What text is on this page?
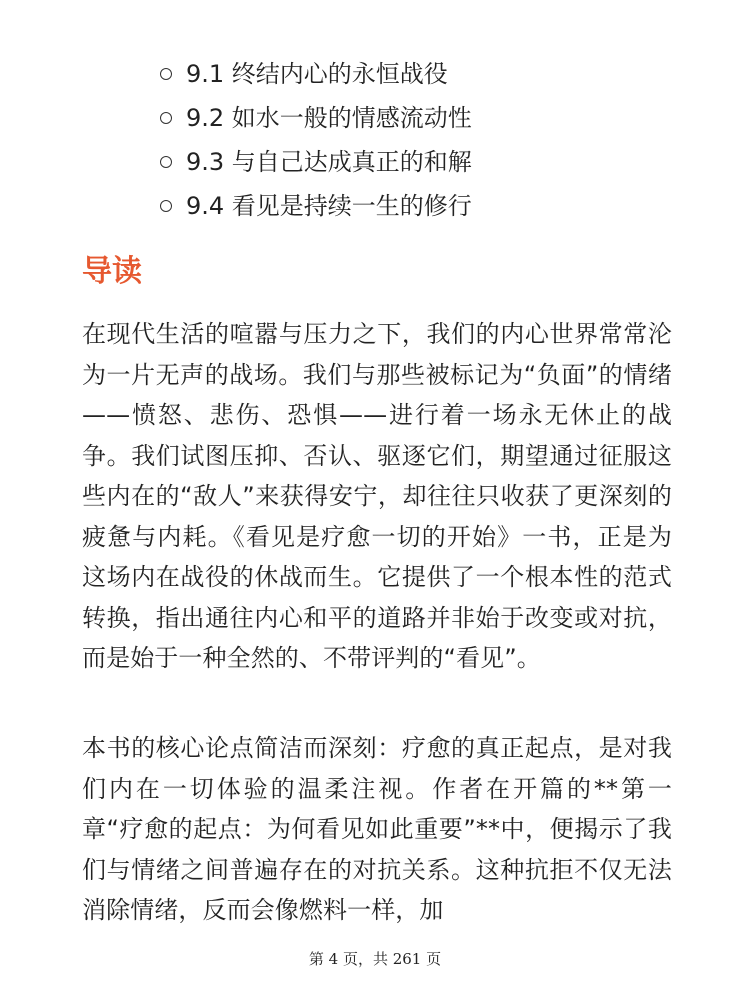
9.1 终结内心的永恒战役
9.2 如水一般的情感流动性
9.3 与自己达成真正的和解
9.4 看见是持续一生的修行
导读

在现代生活的喧嚣与压力之下，我们的内心世界常常沦为一片无声的战场。我们与那些被标记为“负面”的情绪——愤怒、悲伤、恐惧——进行着一场永无休止的战争。我们试图压抑、否认、驱逐它们，期望通过征服这些内在的“敌人”来获得安宁，却往往只收获了更深刻的疲惫与内耗。《看见是疗愈一切的开始》一书，正是为这场内在战役的休战而生。它提供了一个根本性的范式转换，指出通往内心和平的道路并非始于改变或对抗，而是始于一种全然的、不带评判的“看见”。

本书的核心论点简洁而深刻：疗愈的真正起点，是对我们内在一切体验的温柔注视。作者在开篇的**第一章“疗愈的起点：为何看见如此重要”**中，便揭示了我们与情绪之间普遍存在的对抗关系。这种抗拒不仅无法消除情绪，反而会像燃料一样，加

第 4 页，共 261 页
